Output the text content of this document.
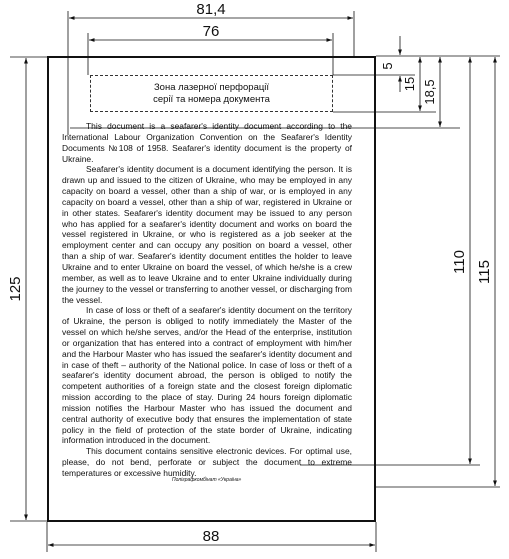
81,4
76
88
125
5
15 18,5
110 115
Зона лазерної перфорації
серії та номера документа

This document is a seafarer's identity document according to the International Labour Organization Convention on the Seafarer's Identity Documents №108 of 1958. Seafarer's identity document is the property of Ukraine.

Seafarer's identity document is a document identifying the person. It is drawn up and issued to the citizen of Ukraine, who may be employed in any capacity on board a vessel, other than a ship of war, or is employed in any capacity on board a vessel, other than a ship of war, registered in Ukraine or in other states. Seafarer's identity document may be issued to any person who has applied for a seafarer's identity document and works on board the vessel registered in Ukraine, or who is registered as a job seeker at the employment center and can occupy any position on board a vessel, other than a ship of war. Seafarer's identity document entitles the holder to leave Ukraine and to enter Ukraine on board the vessel, of which he/she is a crew member, as well as to leave Ukraine and to enter Ukraine individually during the journey to the vessel or transferring to another vessel, or discharging from the vessel.

In case of loss or theft of a seafarer's identity document on the territory of Ukraine, the person is obliged to notify immediately the Master of the vessel on which he/she serves, and/or the Head of the enterprise, institution or organization that has entered into a contract of employment with him/her and the Harbour Master who has issued the seafarer's identity document and in case of theft – authority of the National police. In case of loss or theft of a seafarer's identity document abroad, the person is obliged to notify the competent authorities of a foreign state and the closest foreign diplomatic mission according to the place of stay. During 24 hours foreign diplomatic mission notifies the Harbour Master who has issued the document and central authority of executive body that ensures the implementation of state policy in the field of protection of the state border of Ukraine, indicating information introduced in the document.

This document contains sensitive electronic devices. For optimal use, please, do not bend, perforate or subject the document to extreme temperatures or excessive humidity.

Поліграфкомбінат «Україна»
